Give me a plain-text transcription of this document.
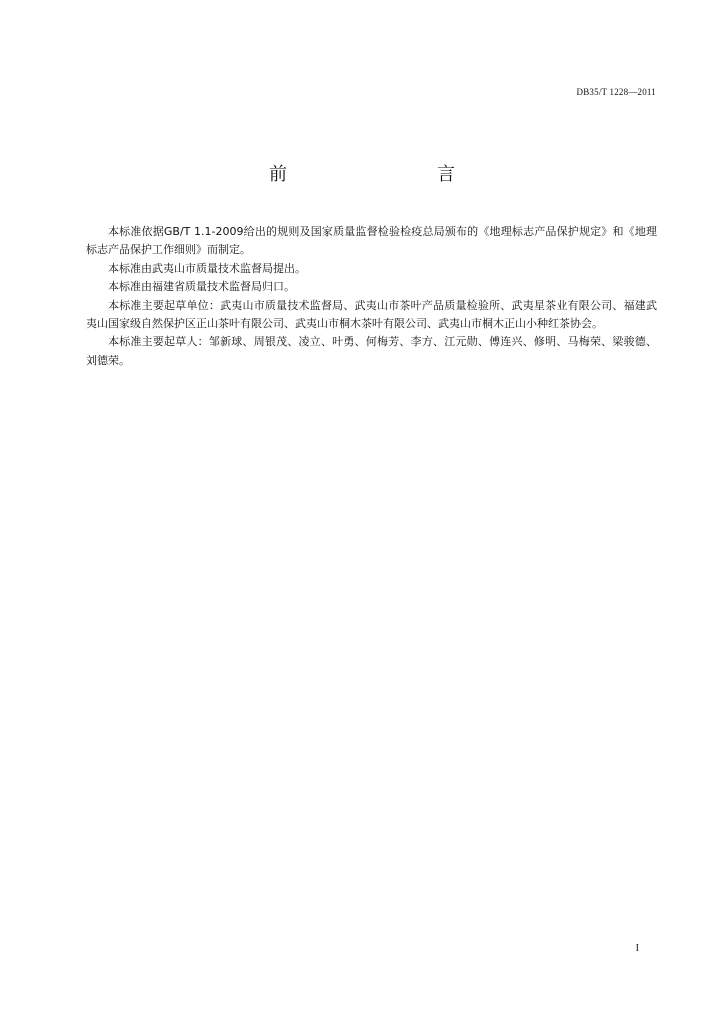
DB35/T 1228—2011
前　　言

本标准依据GB/T 1.1-2009给出的规则及国家质量监督检验检疫总局颁布的《地理标志产品保护规定》和《地理标志产品保护工作细则》而制定。

本标准由武夷山市质量技术监督局提出。

本标准由福建省质量技术监督局归口。

本标准主要起草单位：武夷山市质量技术监督局、武夷山市茶叶产品质量检验所、武夷星茶业有限公司、福建武夷山国家级自然保护区正山茶叶有限公司、武夷山市桐木茶叶有限公司、武夷山市桐木正山小种红茶协会。

本标准主要起草人：邹新球、周银茂、凌立、叶勇、何梅芳、李方、江元勋、傅连兴、修明、马梅荣、梁骏德、刘德荣。

I
